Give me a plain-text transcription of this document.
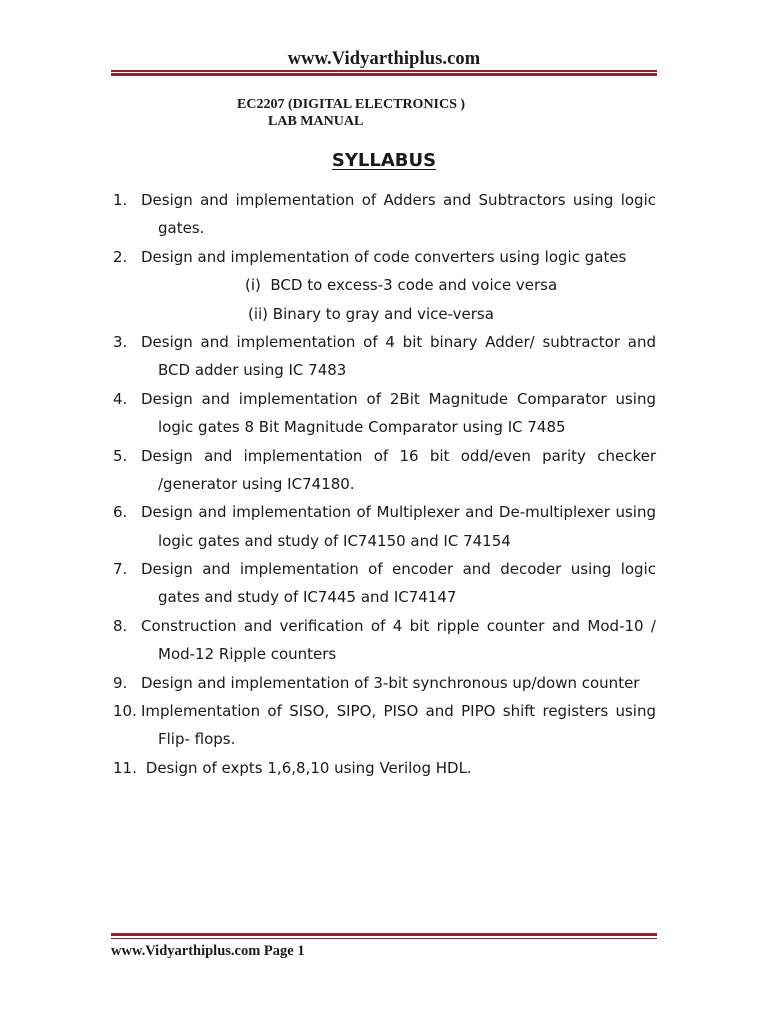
www.Vidyarthiplus.com
EC2207 (DIGITAL ELECTRONICS )
LAB MANUAL
SYLLABUS
1. Design and implementation of Adders and Subtractors using logic
gates.
2. Design and implementation of code converters using logic gates
(i)  BCD to excess-3 code and voice versa
(ii) Binary to gray and vice-versa
3. Design and implementation of 4 bit binary Adder/ subtractor and
BCD adder using IC 7483
4. Design and implementation of 2Bit Magnitude Comparator using
logic gates 8 Bit Magnitude Comparator using IC 7485
5. Design and implementation of 16 bit odd/even parity checker
/generator using IC74180.
6. Design and implementation of Multiplexer and De-multiplexer using
logic gates and study of IC74150 and IC 74154
7. Design and implementation of encoder and decoder using logic
gates and study of IC7445 and IC74147
8. Construction and verification of 4 bit ripple counter and Mod-10 /
Mod-12 Ripple counters
9. Design and implementation of 3-bit synchronous up/down counter
10. Implementation of SISO, SIPO, PISO and PIPO shift registers using
Flip- flops.
11. Design of expts 1,6,8,10 using Verilog HDL.
www.Vidyarthiplus.com Page 1
